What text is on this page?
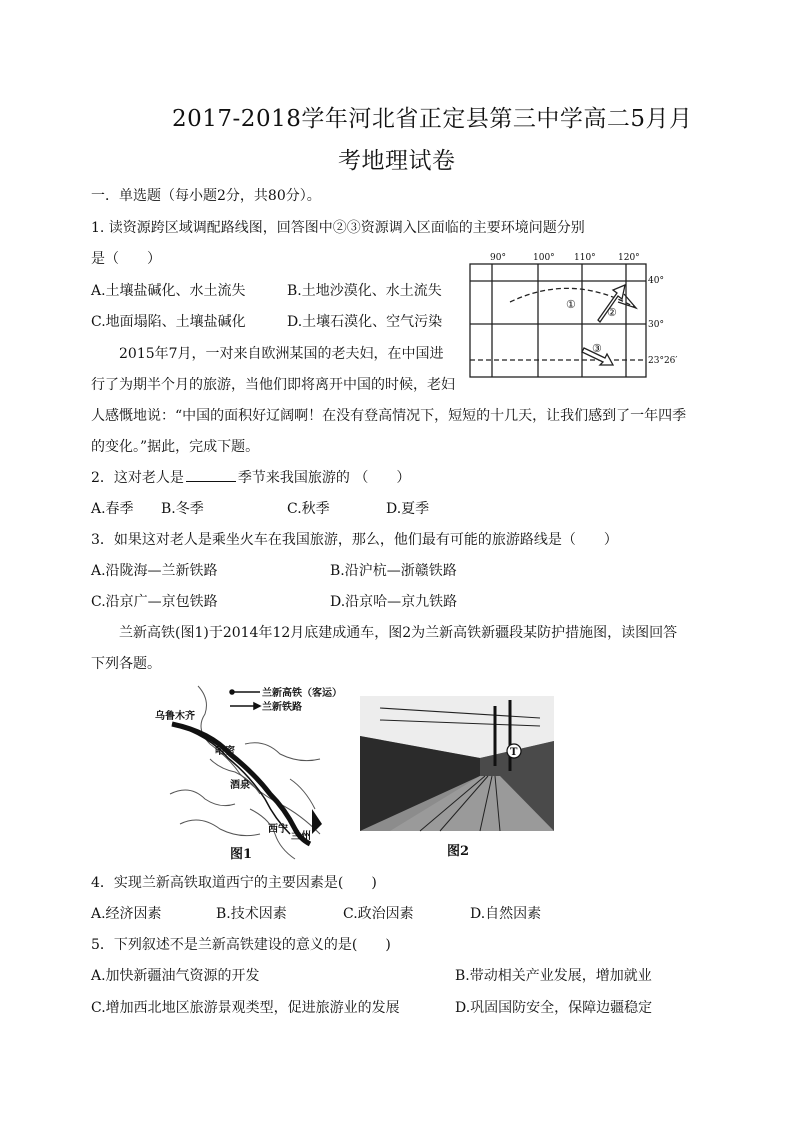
2017-2018学年河北省正定县第三中学高二5月月
考地理试卷
一．单选题（每小题2分，共80分）。
1. 读资源跨区域调配路线图，回答图中②③资源调入区面临的主要环境问题分别
是（　　）
A.土壤盐碱化、水土流失	B.土地沙漠化、水土流失
C.地面塌陷、土壤盐碱化	D.土壤石漠化、空气污染
90°	100° 110° 120°
40°
30°
23°26′
①
②
③
2015年7月，一对来自欧洲某国的老夫妇，在中国进
行了为期半个月的旅游，当他们即将离开中国的时候，老妇
人感慨地说：“中国的面积好辽阔啊！在没有登高情况下，短短的十几天，让我们感到了一年四季
的变化。”据此，完成下题。
2．这对老人是	季节来我国旅游的 （　　）
A.春季 B.冬季	C.秋季	D.夏季
3．如果这对老人是乘坐火车在我国旅游，那么，他们最有可能的旅游路线是（　　）
A.沿陇海—兰新铁路	B.沿沪杭—浙赣铁路
C.沿京广—京包铁路	D.沿京哈—京九铁路
兰新高铁(图1)于2014年12月底建成通车，图2为兰新高铁新疆段某防护措施图，读图回答
下列各题。
兰新高铁（客运）
兰新铁路
乌鲁木齐
哈密
酒泉
西宁
兰州
图1
T
图2
4．实现兰新高铁取道西宁的主要因素是(　　)
A.经济因素	B.技术因素	C.政治因素	D.自然因素
5．下列叙述不是兰新高铁建设的意义的是(　　)
A.加快新疆油气资源的开发	B.带动相关产业发展，增加就业
C.增加西北地区旅游景观类型，促进旅游业的发展	D.巩固国防安全，保障边疆稳定
